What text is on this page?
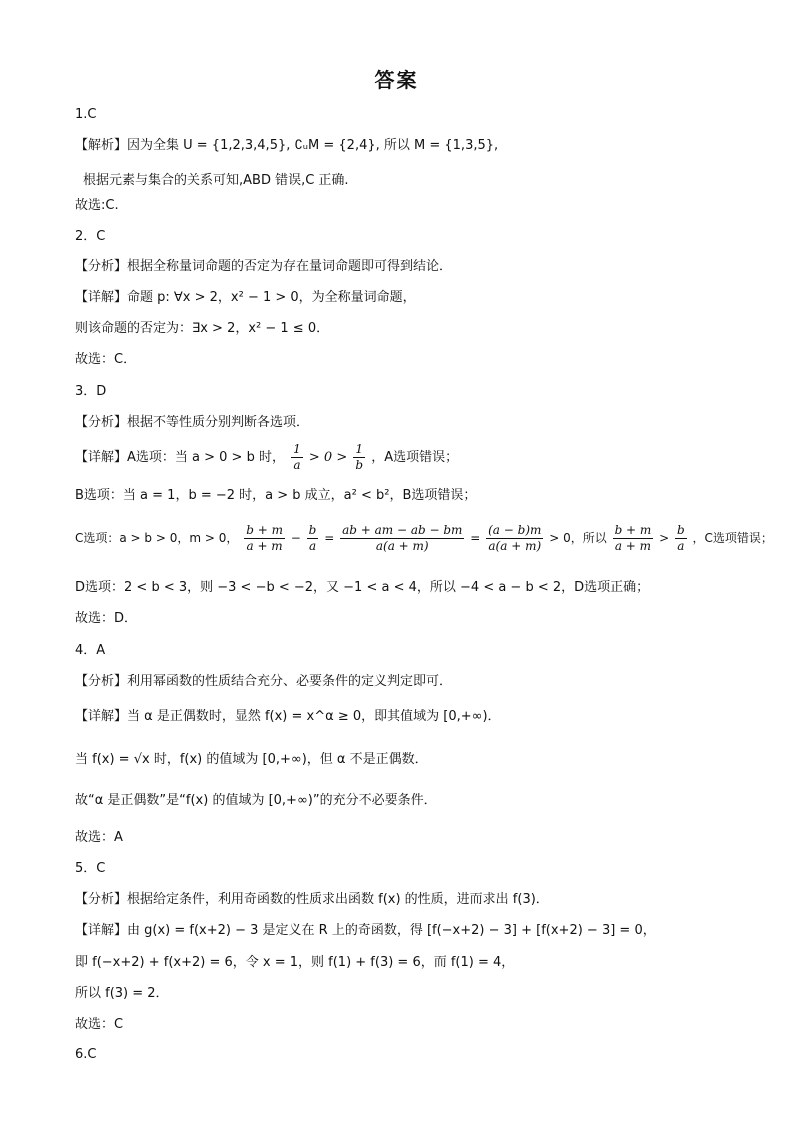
答案
1.C
【解析】因为全集 U = {1,2,3,4,5}, ∁ᵤM = {2,4}, 所以 M = {1,3,5},
根据元素与集合的关系可知,ABD 错误,C 正确.
故选:C.
2．C
【分析】根据全称量词命题的否定为存在量词命题即可得到结论．
【详解】命题 p: ∀x > 2，x² − 1 > 0，为全称量词命题，
则该命题的否定为：∃x > 2，x² − 1 ≤ 0．
故选：C．
3．D
【分析】根据不等性质分别判断各选项．
【详解】A选项：当 a > 0 > b 时， $\frac{1}{a} > 0 > \frac{1}{b}$ ，A选项错误；
B选项：当 a = 1，b = −2 时，a > b 成立，a² < b²，B选项错误；
C选项：a > b > 0，m > 0， $\frac{b + m}{a + m} - \frac{b}{a} = \frac{ab + am - ab - bm}{a(a + m)} = \frac{(a - b)m}{a(a + m)} > 0$，所以 $\frac{b + m}{a + m} > \frac{b}{a}$ ，C选项错误；
D选项：2 < b < 3，则 −3 < −b < −2，又 −1 < a < 4，所以 −4 < a − b < 2，D选项正确；
故选：D．
4．A
【分析】利用幂函数的性质结合充分、必要条件的定义判定即可．
【详解】当 α 是正偶数时，显然 f(x) = x^α ≥ 0，即其值域为 [0,+∞)．
当 f(x) = √x 时，f(x) 的值域为 [0,+∞)，但 α 不是正偶数．
故“α 是正偶数”是“f(x) 的值域为 [0,+∞)”的充分不必要条件．
故选：A
5．C
【分析】根据给定条件，利用奇函数的性质求出函数 f(x) 的性质，进而求出 f(3)．
【详解】由 g(x) = f(x+2) − 3 是定义在 R 上的奇函数，得 [f(−x+2) − 3] + [f(x+2) − 3] = 0，
即 f(−x+2) + f(x+2) = 6，令 x = 1，则 f(1) + f(3) = 6，而 f(1) = 4，
所以 f(3) = 2．
故选：C
6.C
